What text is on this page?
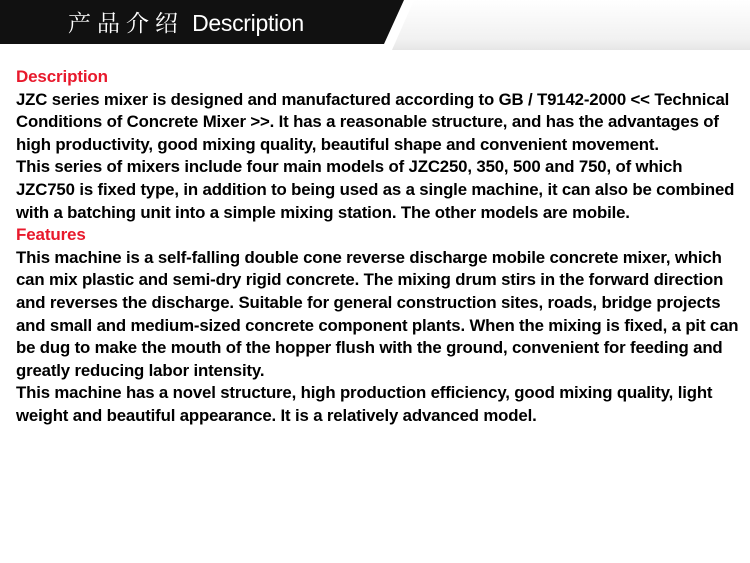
产品介绍 Description

Description

JZC series mixer is designed and manufactured according to GB / T9142-2000 << Technical Conditions of Concrete Mixer >>. It has a reasonable structure, and has the advantages of high productivity, good mixing quality, beautiful shape and convenient movement.

This series of mixers include four main models of JZC250, 350, 500 and 750, of which JZC750 is fixed type, in addition to being used as a single machine, it can also be combined with a batching unit into a simple mixing station. The other models are mobile.

Features

This machine is a self-falling double cone reverse discharge mobile concrete mixer, which can mix plastic and semi-dry rigid concrete. The mixing drum stirs in the forward direction and reverses the discharge. Suitable for general construction sites, roads, bridge projects and small and medium-sized concrete component plants. When the mixing is fixed, a pit can be dug to make the mouth of the hopper flush with the ground, convenient for feeding and greatly reducing labor intensity.

This machine has a novel structure, high production efficiency, good mixing quality, light weight and beautiful appearance. It is a relatively advanced model.
